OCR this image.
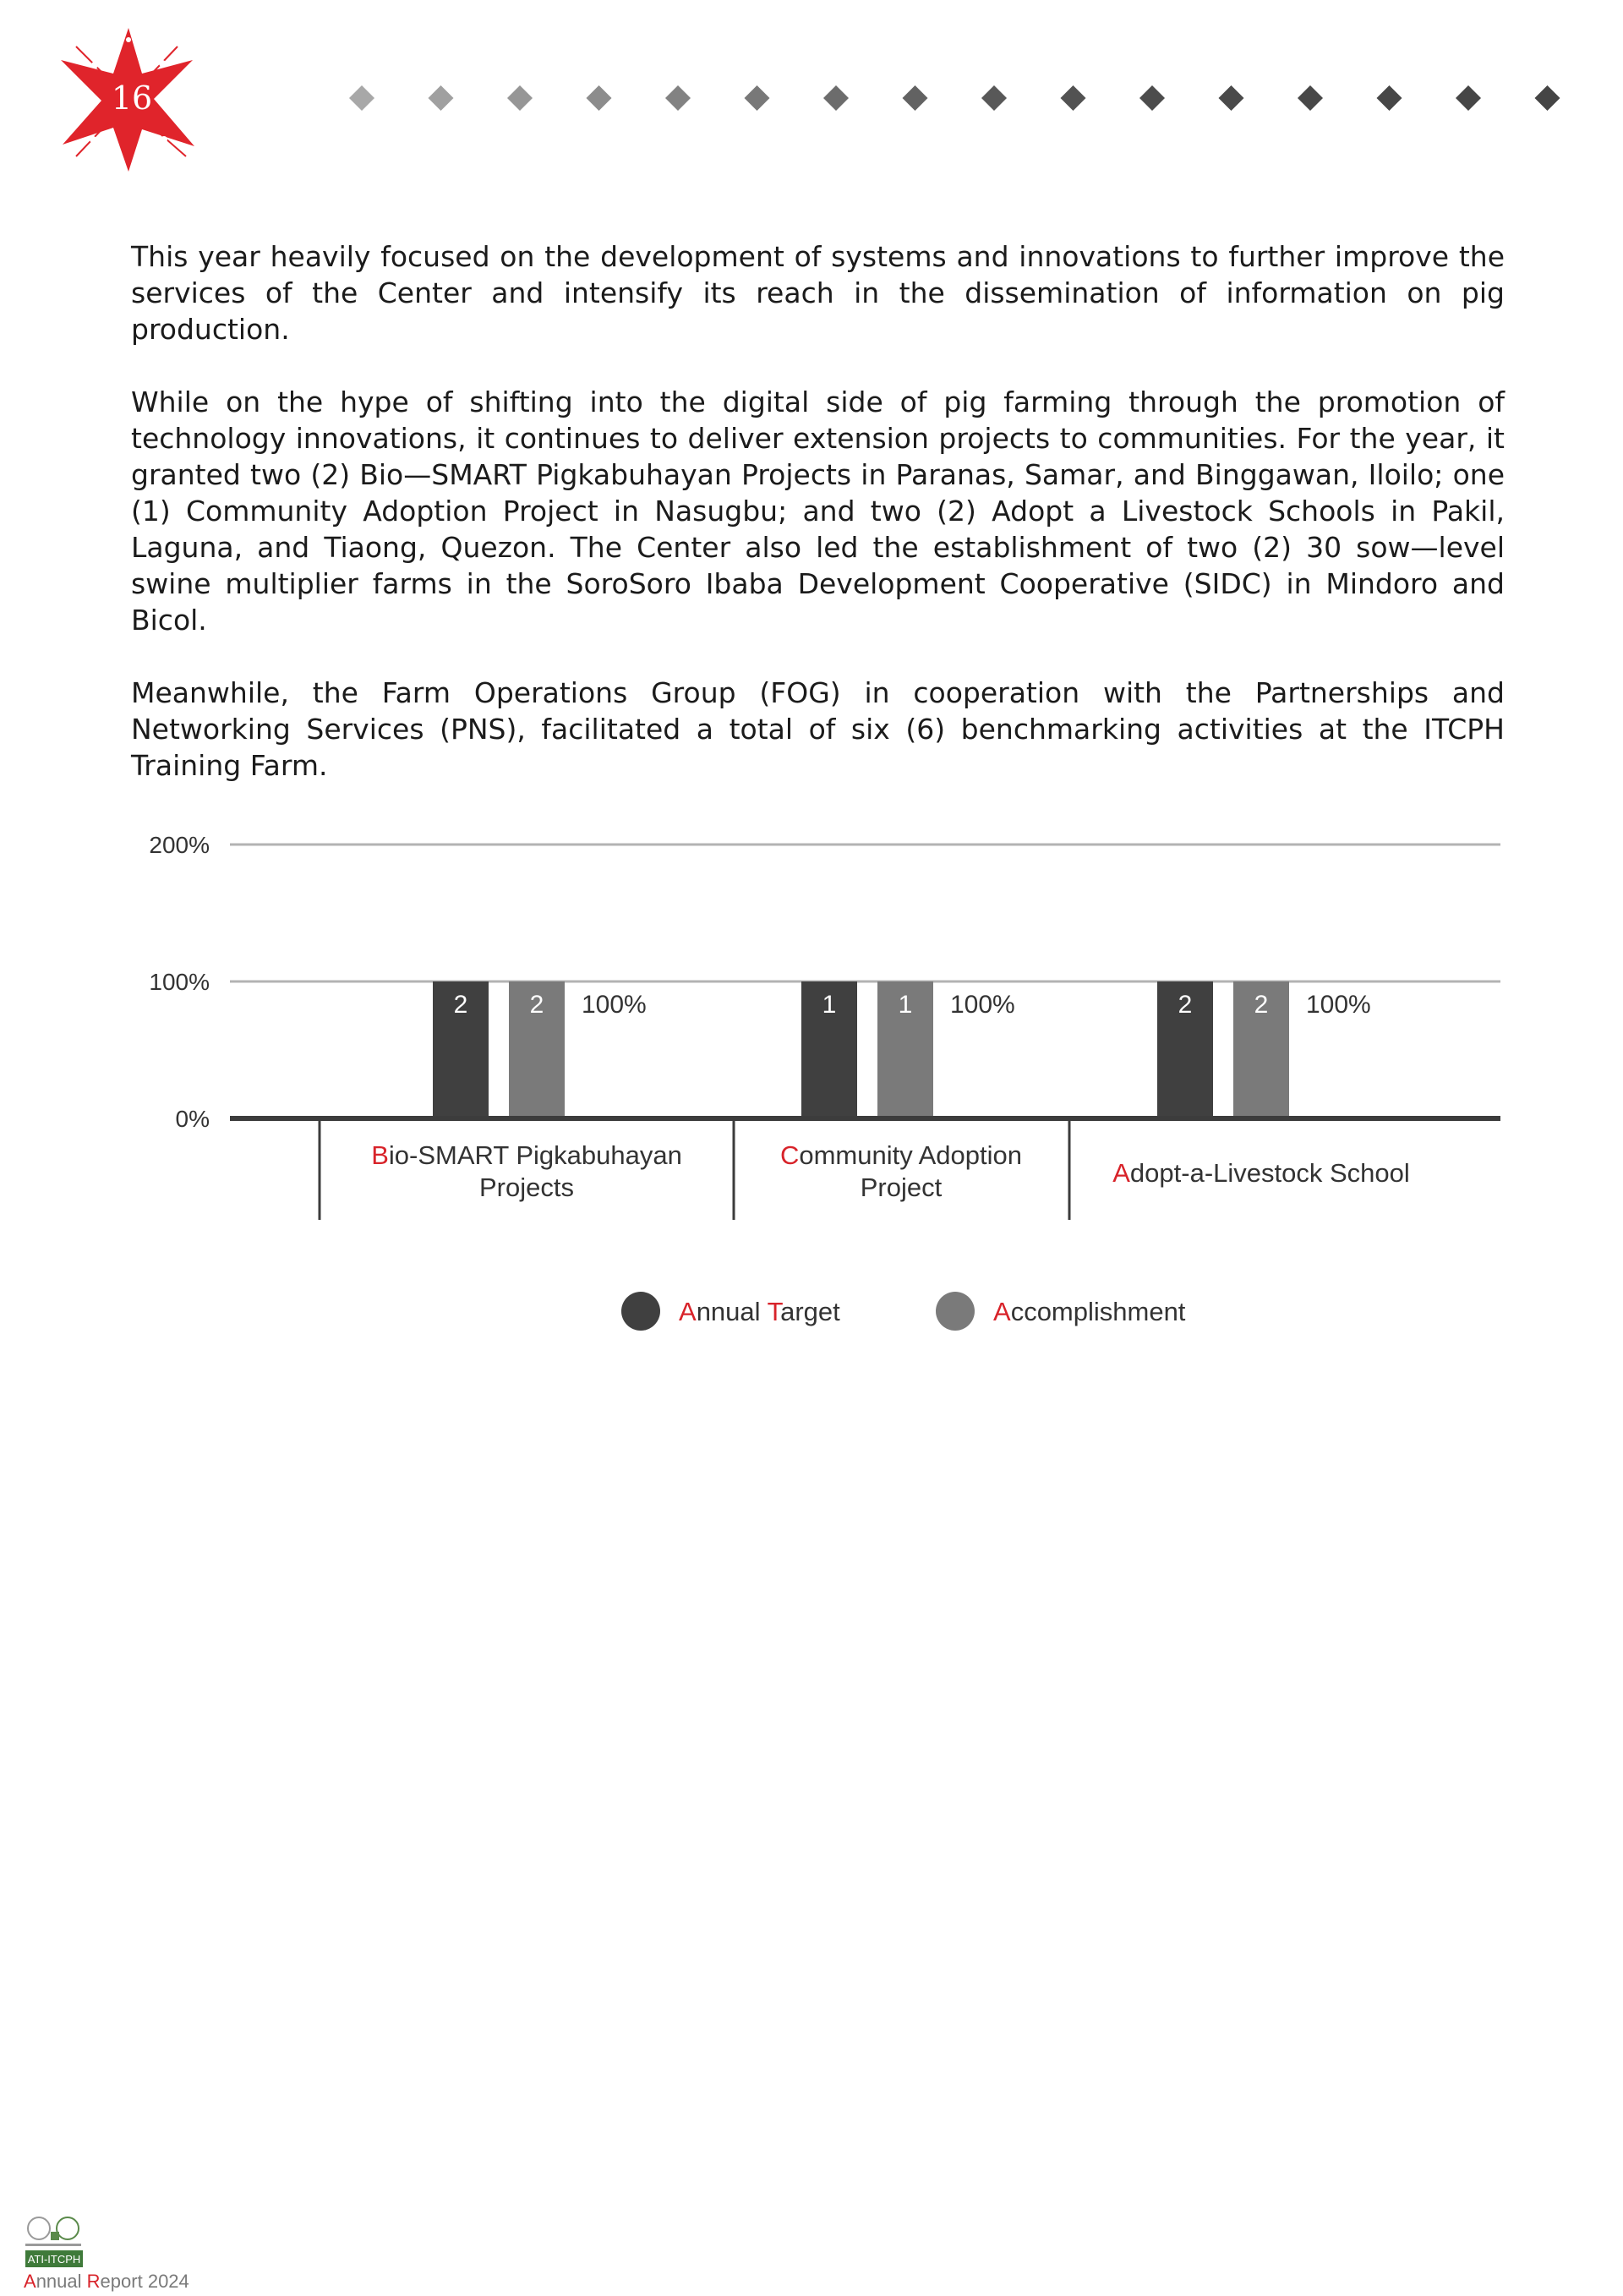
16

This year heavily focused on the development of systems and innovations to further improve the services of the Center and intensify its reach in the dissemination of information on pig production.

While on the hype of shifting into the digital side of pig farming through the promotion of technology innovations, it continues to deliver extension projects to communities. For the year, it granted two (2) Bio—SMART Pigkabuhayan Projects in Paranas, Samar, and Binggawan, Iloilo; one (1) Community Adoption Project in Nasugbu; and two (2) Adopt a Livestock Schools in Pakil, Laguna, and Tiaong, Quezon. The Center also led the establishment of two (2) 30 sow—level swine multiplier farms in the SoroSoro Ibaba Development Cooperative (SIDC) in Mindoro and Bicol.

Meanwhile, the Farm Operations Group (FOG) in cooperation with the Partnerships and Networking Services (PNS), facilitated a total of six (6) benchmarking activities at the ITCPH Training Farm.

0%
100%
200%
2 2 100%	1 1 100%	2 2 100%
Bio-SMART Pigkabuhayan
Projects
Community Adoption
Project	Adopt-a-Livestock School
Annual Target	Accomplishment
ATI-ITCPH
Annual Report 2024
